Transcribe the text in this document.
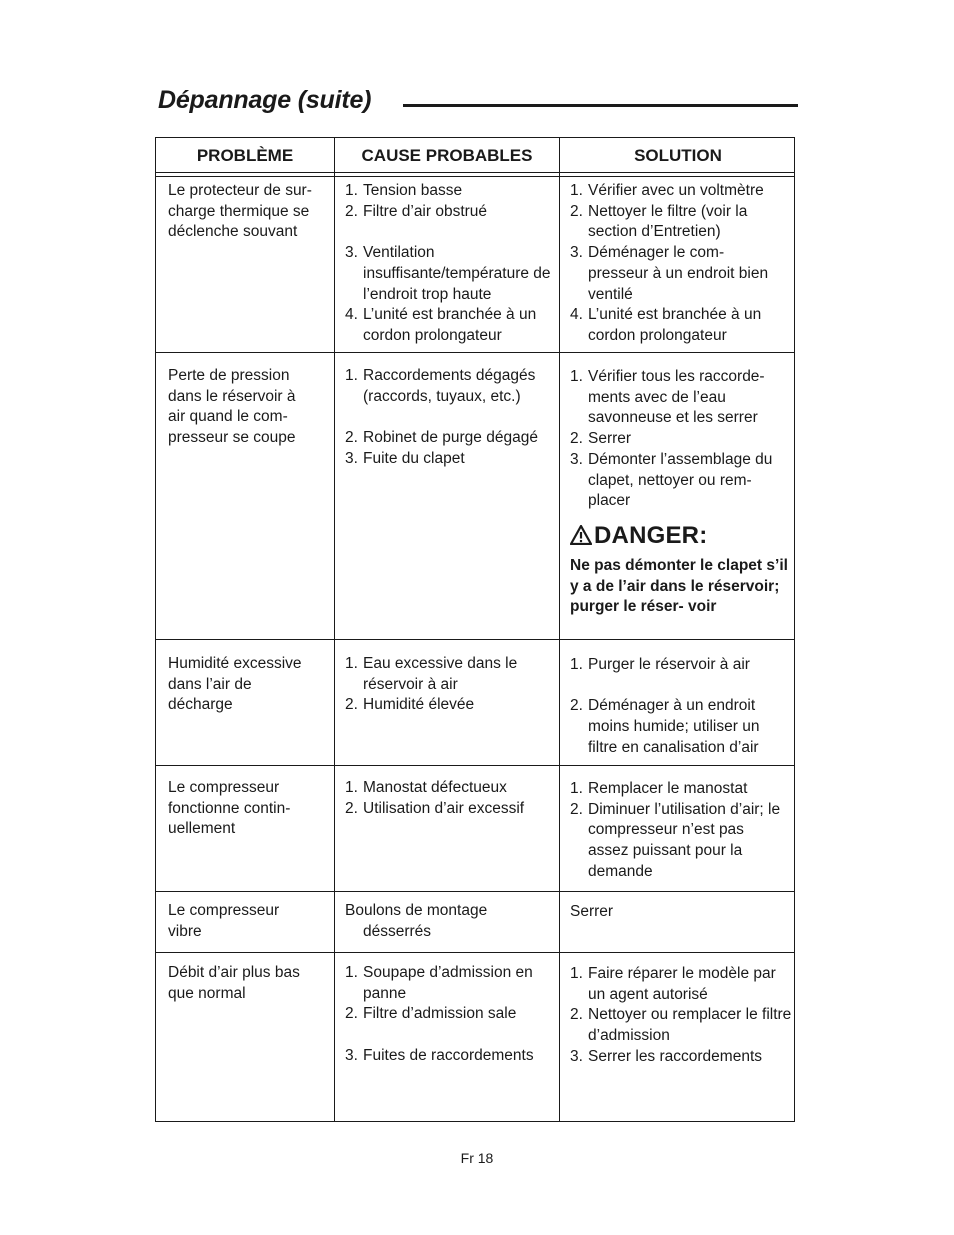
Dépannage (suite)
PROBLÈME	CAUSE PROBABLES	SOLUTION
Le protecteur de sur-
charge thermique se
déclenche souvant
1. Tension basse
2. Filtre d’air obstrué
3. Ventilation insuffisante/température de l’endroit trop haute
4. L’unité est branchée à un cordon prolongateur
1. Vérifier avec un voltmètre
2. Nettoyer le filtre (voir la section d’Entretien)
3. Déménager le com- presseur à un endroit bien ventilé
4. L’unité est branchée à un cordon prolongateur
Perte de pression
dans le réservoir à
air quand le com-
presseur se coupe
1. Raccordements dégagés (raccords, tuyaux, etc.)
2. Robinet de purge dégagé
3. Fuite du clapet
1. Vérifier tous les raccorde- ments avec de l’eau savonneuse et les serrer
2. Serrer
3. Démonter l’assemblage du clapet, nettoyer ou rem- placer
DANGER:
Ne pas démonter le clapet s’il y a de l’air dans le réservoir; purger le réser- voir
Humidité excessive
dans l’air de
décharge
1. Eau excessive dans le réservoir à air
2. Humidité élevée
1. Purger le réservoir à air
2. Déménager à un endroit moins humide; utiliser un filtre en canalisation d’air
Le compresseur
fonctionne contin-
uellement
1. Manostat défectueux
2. Utilisation d’air excessif
1. Remplacer le manostat
2. Diminuer l’utilisation d’air; le compresseur n’est pas assez puissant pour la demande
Le compresseur
vibre
Boulons de montage
désserrés
Serrer
Débit d’air plus bas
que normal
1. Soupape d’admission en panne
2. Filtre d’admission sale
3. Fuites de raccordements
1. Faire réparer le modèle par un agent autorisé
2. Nettoyer ou remplacer le filtre d’admission
3. Serrer les raccordements
Fr 18
